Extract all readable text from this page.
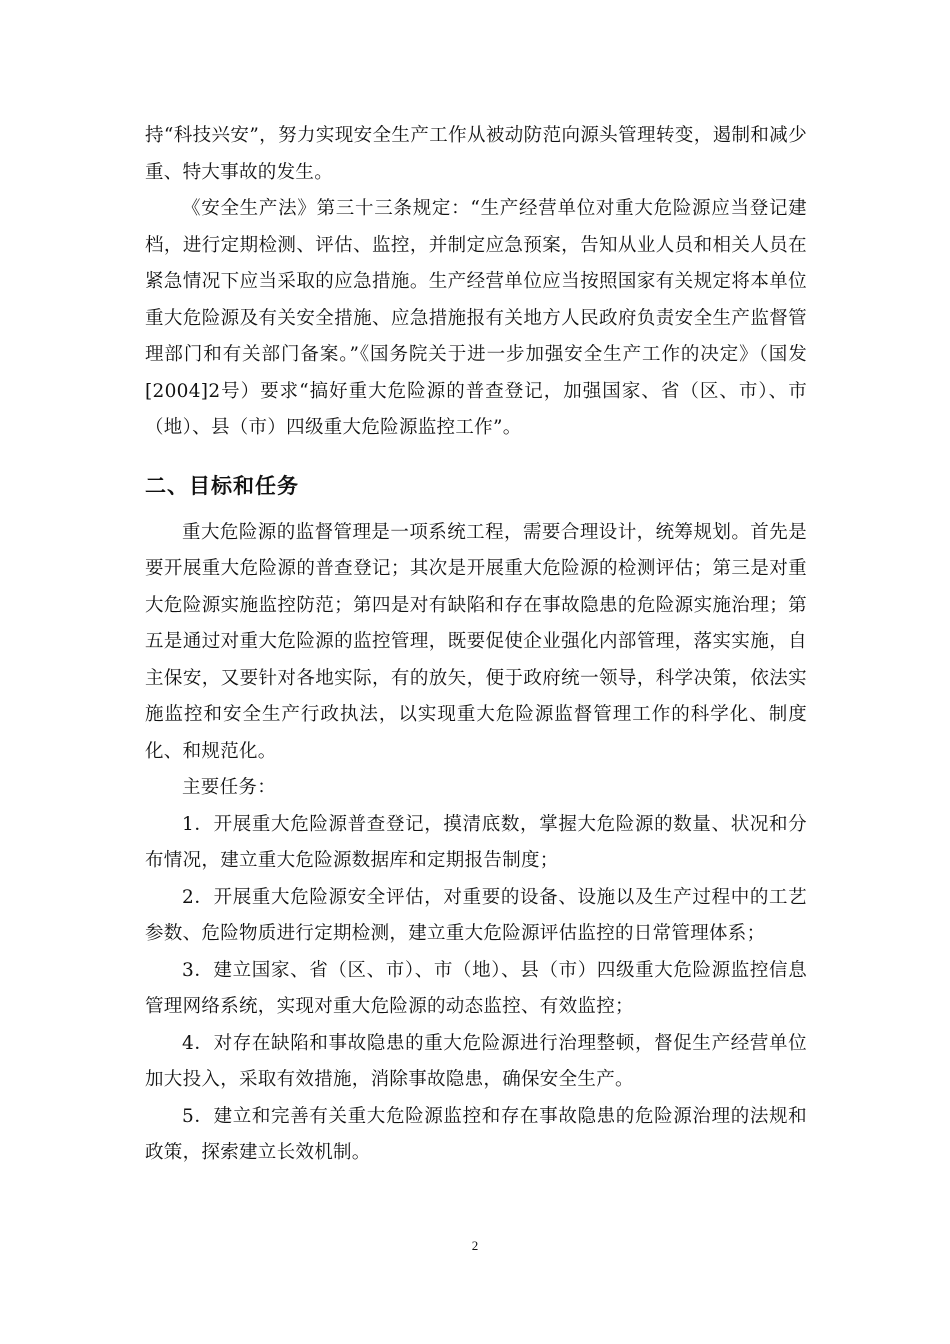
持“科技兴安”，努力实现安全生产工作从被动防范向源头管理转变，遏制和减少重、特大事故的发生。

《安全生产法》第三十三条规定：“生产经营单位对重大危险源应当登记建档，进行定期检测、评估、监控，并制定应急预案，告知从业人员和相关人员在紧急情况下应当采取的应急措施。生产经营单位应当按照国家有关规定将本单位重大危险源及有关安全措施、应急措施报有关地方人民政府负责安全生产监督管理部门和有关部门备案。”《国务院关于进一步加强安全生产工作的决定》（国发[2004]2号）要求“搞好重大危险源的普查登记，加强国家、省（区、市）、市（地）、县（市）四级重大危险源监控工作”。

二、目标和任务

重大危险源的监督管理是一项系统工程，需要合理设计，统筹规划。首先是要开展重大危险源的普查登记；其次是开展重大危险源的检测评估；第三是对重大危险源实施监控防范；第四是对有缺陷和存在事故隐患的危险源实施治理；第五是通过对重大危险源的监控管理，既要促使企业强化内部管理，落实实施，自主保安，又要针对各地实际，有的放矢，便于政府统一领导，科学决策，依法实施监控和安全生产行政执法，以实现重大危险源监督管理工作的科学化、制度化、和规范化。

主要任务：

1．开展重大危险源普查登记，摸清底数，掌握大危险源的数量、状况和分布情况，建立重大危险源数据库和定期报告制度；

2．开展重大危险源安全评估，对重要的设备、设施以及生产过程中的工艺参数、危险物质进行定期检测，建立重大危险源评估监控的日常管理体系；

3．建立国家、省（区、市）、市（地）、县（市）四级重大危险源监控信息管理网络系统，实现对重大危险源的动态监控、有效监控；

4．对存在缺陷和事故隐患的重大危险源进行治理整顿，督促生产经营单位加大投入，采取有效措施，消除事故隐患，确保安全生产。

5．建立和完善有关重大危险源监控和存在事故隐患的危险源治理的法规和政策，探索建立长效机制。

2
